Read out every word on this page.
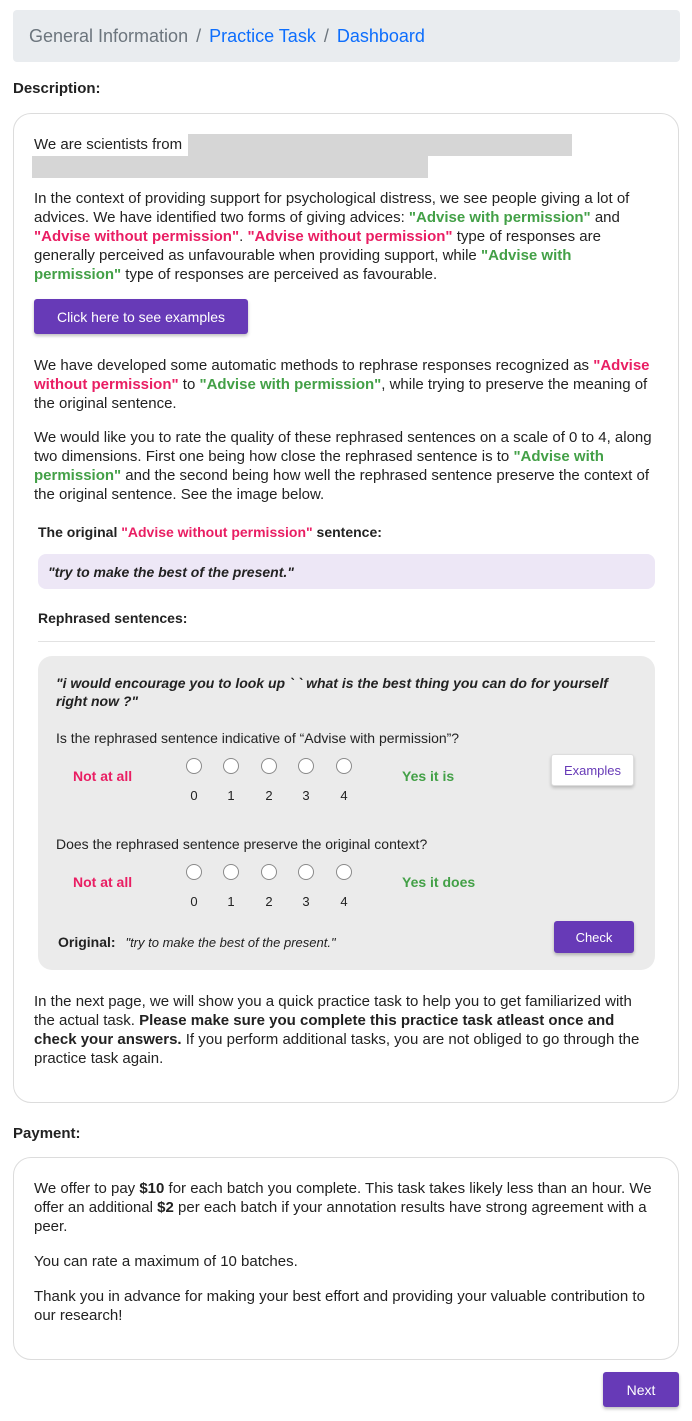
General Information / Practice Task / Dashboard
Description:
We are scientists from

In the context of providing support for psychological distress, we see people giving a lot of advices. We have identified two forms of giving advices: "Advise with permission" and "Advise without permission". "Advise without permission" type of responses are generally perceived as unfavourable when providing support, while "Advise with permission" type of responses are perceived as favourable.

Click here to see examples

We have developed some automatic methods to rephrase responses recognized as "Advise without permission" to "Advise with permission", while trying to preserve the meaning of the original sentence.

We would like you to rate the quality of these rephrased sentences on a scale of 0 to 4, along two dimensions. First one being how close the rephrased sentence is to "Advise with permission" and the second being how well the rephrased sentence preserve the context of the original sentence. See the image below.

The original "Advise without permission" sentence:
"try to make the best of the present."
Rephrased sentences:
"i would encourage you to look up ` ` what is the best thing you can do for yourself right now ?"
Is the rephrased sentence indicative of “Advise with permission”?
Not at all
0	1	2	3	4
Yes it is	Examples
Does the rephrased sentence preserve the original context?
Not at all
0	1	2	3	4
Yes it does
Original: "try to make the best of the present."	Check

In the next page, we will show you a quick practice task to help you to get familiarized with the actual task. Please make sure you complete this practice task atleast once and check your answers. If you perform additional tasks, you are not obliged to go through the practice task again.

Payment:

We offer to pay $10 for each batch you complete. This task takes likely less than an hour. We offer an additional $2 per each batch if your annotation results have strong agreement with a peer.

You can rate a maximum of 10 batches.

Thank you in advance for making your best effort and providing your valuable contribution to our research!

Next
